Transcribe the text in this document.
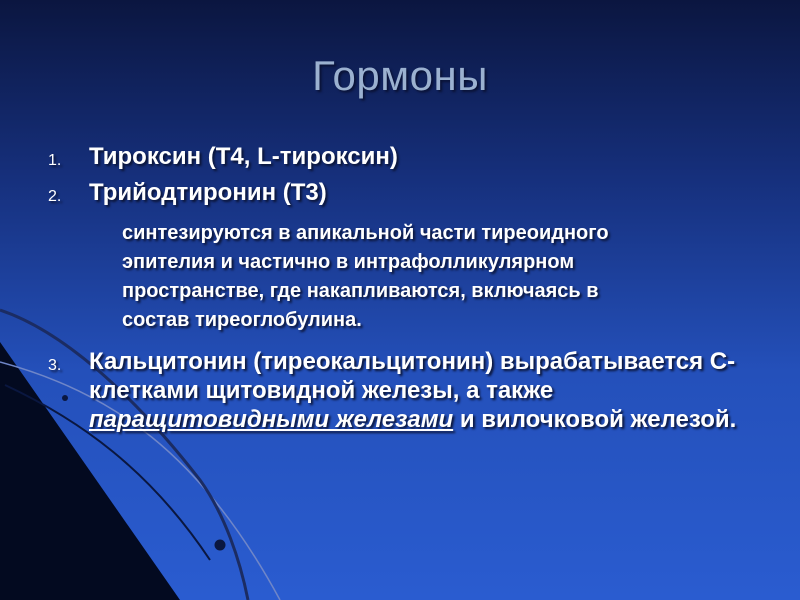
Гормоны
1. Тироксин (Т4, L-тироксин)
2. Трийодтиронин (Т3)
синтезируются в апикальной части тиреоидного эпителия и частично в интрафолликулярном пространстве, где накапливаются, включаясь в состав тиреоглобулина.
3. Кальцитонин (тиреокальцитонин) вырабатывается С-клетками щитовидной железы, а также паращитовидными железами и вилочковой железой.
